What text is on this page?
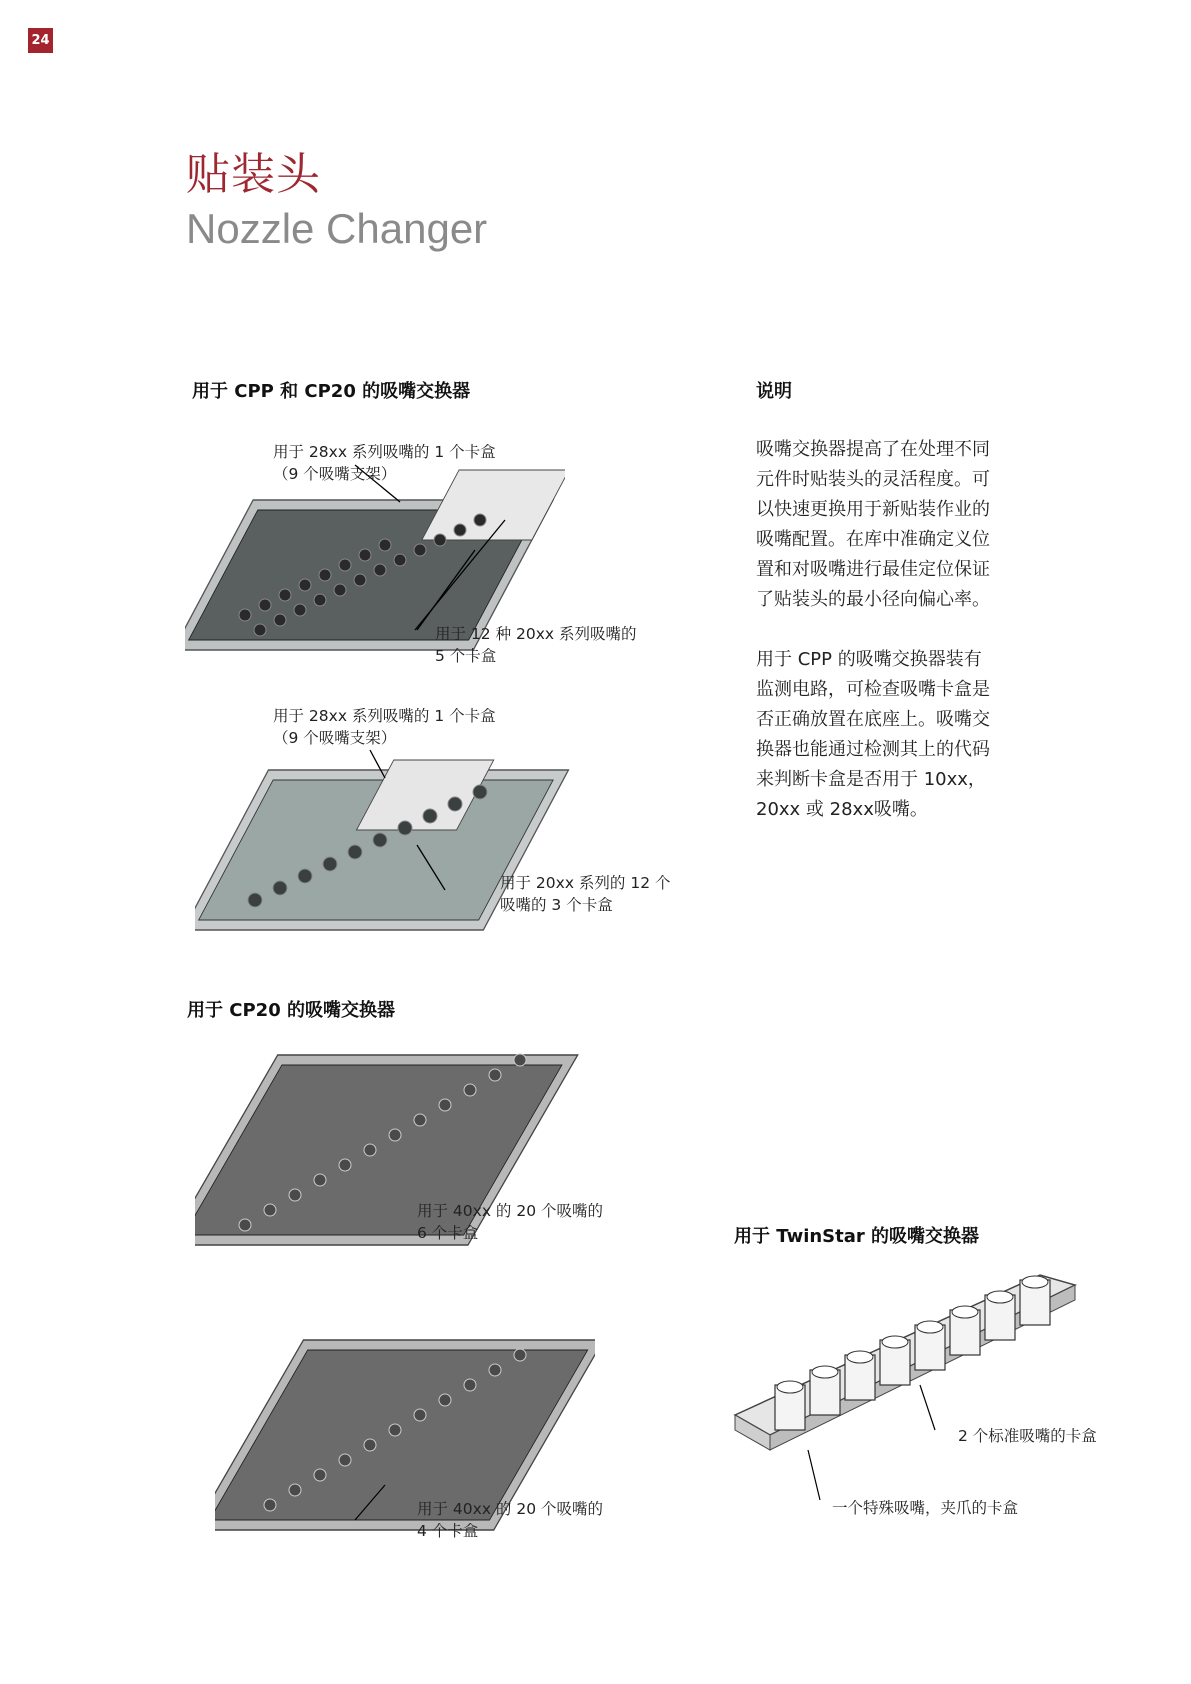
24
贴装头
Nozzle Changer
用于 CPP 和 CP20 的吸嘴交换器	说明
用于 CP20 的吸嘴交换器
用于 TwinStar 的吸嘴交换器
吸嘴交换器提高了在处理不同
元件时贴装头的灵活程度。可
以快速更换用于新贴装作业的
吸嘴配置。在库中准确定义位
置和对吸嘴进行最佳定位保证
了贴装头的最小径向偏心率。
用于 CPP 的吸嘴交换器装有
监测电路，可检查吸嘴卡盒是
否正确放置在底座上。吸嘴交
换器也能通过检测其上的代码
来判断卡盒是否用于 10xx，
20xx 或 28xx吸嘴。
用于 28xx 系列吸嘴的 1 个卡盒
（9 个吸嘴支架）
用于 12 种 20xx 系列吸嘴的
5 个卡盒
用于 28xx 系列吸嘴的 1 个卡盒
（9 个吸嘴支架）
用于 20xx 系列的 12 个
吸嘴的 3 个卡盒
用于 40xx 的 20 个吸嘴的
6 个卡盒
用于 40xx 的 20 个吸嘴的
4 个卡盒
2 个标准吸嘴的卡盒
一个特殊吸嘴，夹爪的卡盒
